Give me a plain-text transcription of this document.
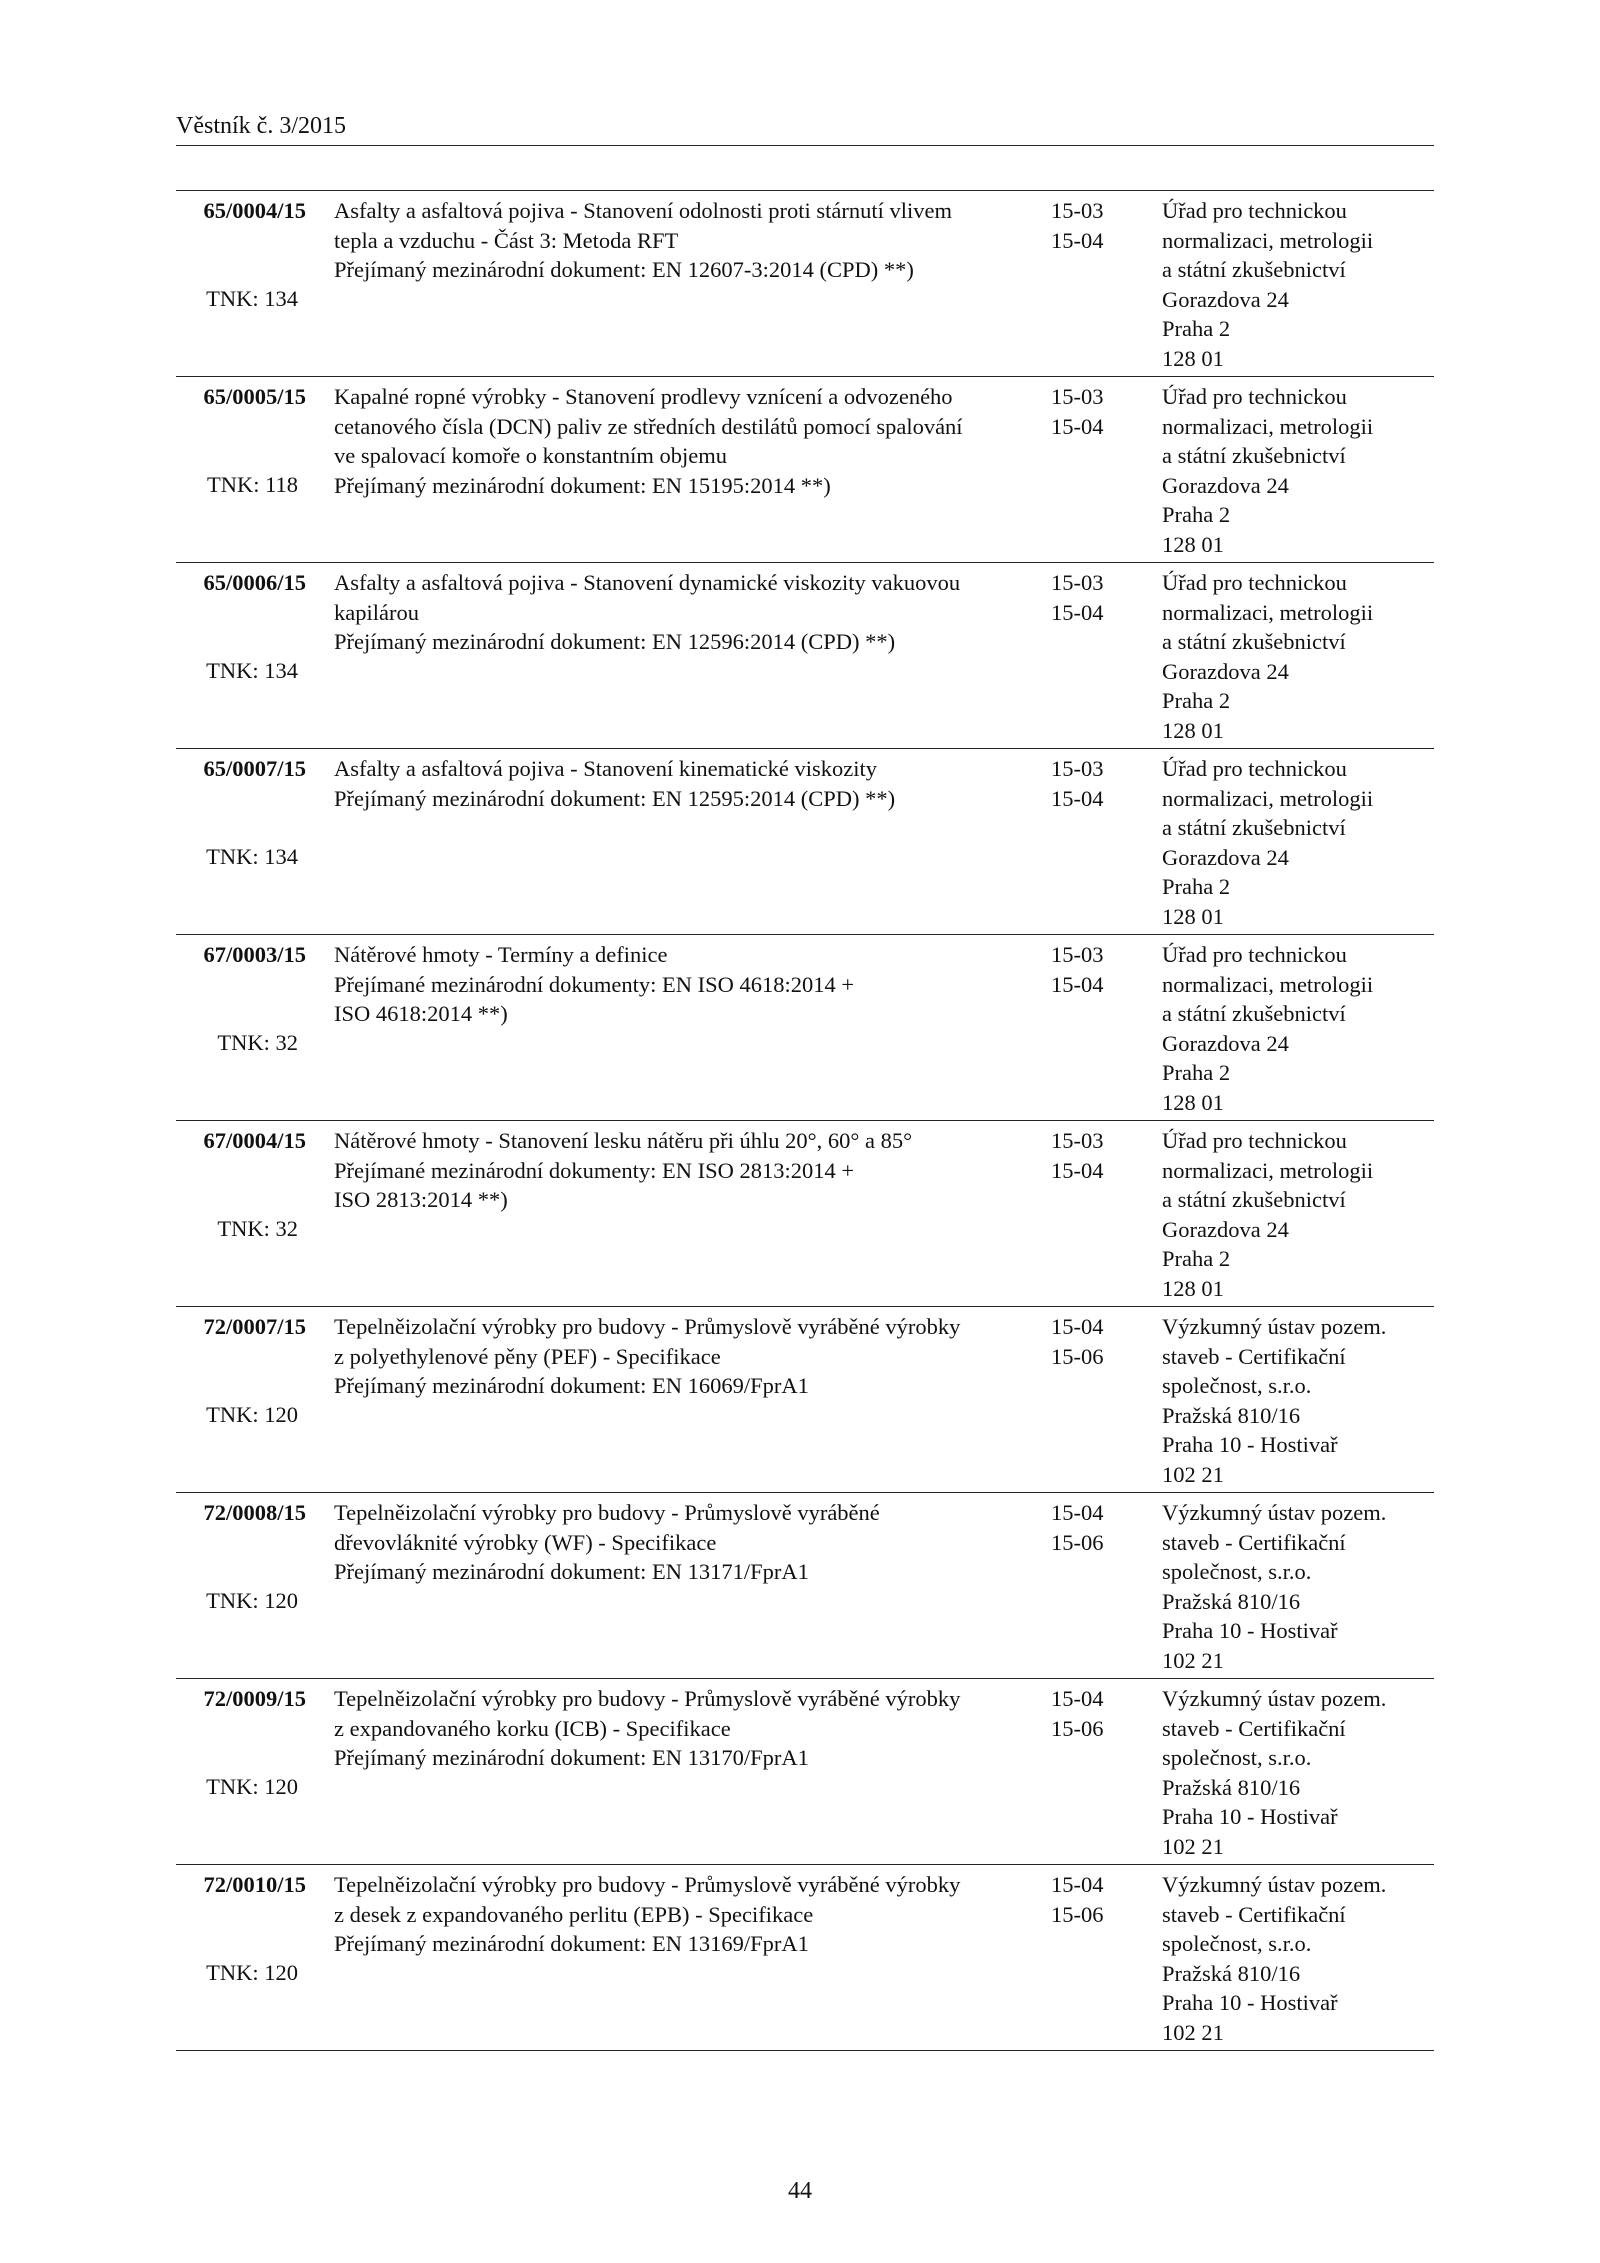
Věstník č. 3/2015
65/0004/15
TNK: 134
Asfalty a asfaltová pojiva - Stanovení odolnosti proti stárnutí vlivem
tepla a vzduchu - Část 3: Metoda RFT
Přejímaný mezinárodní dokument: EN 12607-3:2014 (CPD) **)
15-03
15-04
Úřad pro technickou
normalizaci, metrologii
a státní zkušebnictví
Gorazdova 24
Praha 2
128 01
65/0005/15
TNK: 118
Kapalné ropné výrobky - Stanovení prodlevy vznícení a odvozeného
cetanového čísla (DCN) paliv ze středních destilátů pomocí spalování
ve spalovací komoře o konstantním objemu
Přejímaný mezinárodní dokument: EN 15195:2014 **)
15-03
15-04
Úřad pro technickou
normalizaci, metrologii
a státní zkušebnictví
Gorazdova 24
Praha 2
128 01
65/0006/15
TNK: 134
Asfalty a asfaltová pojiva - Stanovení dynamické viskozity vakuovou
kapilárou
Přejímaný mezinárodní dokument: EN 12596:2014 (CPD) **)
15-03
15-04
Úřad pro technickou
normalizaci, metrologii
a státní zkušebnictví
Gorazdova 24
Praha 2
128 01
65/0007/15
TNK: 134
Asfalty a asfaltová pojiva - Stanovení kinematické viskozity
Přejímaný mezinárodní dokument: EN 12595:2014 (CPD) **)
15-03
15-04
Úřad pro technickou
normalizaci, metrologii
a státní zkušebnictví
Gorazdova 24
Praha 2
128 01
67/0003/15
TNK: 32
Nátěrové hmoty - Termíny a definice
Přejímané mezinárodní dokumenty: EN ISO 4618:2014 +
ISO 4618:2014 **)
15-03
15-04
Úřad pro technickou
normalizaci, metrologii
a státní zkušebnictví
Gorazdova 24
Praha 2
128 01
67/0004/15
TNK: 32
Nátěrové hmoty - Stanovení lesku nátěru při úhlu 20°, 60° a 85°
Přejímané mezinárodní dokumenty: EN ISO 2813:2014 +
ISO 2813:2014 **)
15-03
15-04
Úřad pro technickou
normalizaci, metrologii
a státní zkušebnictví
Gorazdova 24
Praha 2
128 01
72/0007/15
TNK: 120
Tepelněizolační výrobky pro budovy - Průmyslově vyráběné výrobky
z polyethylenové pěny (PEF) - Specifikace
Přejímaný mezinárodní dokument: EN 16069/FprA1
15-04
15-06
Výzkumný ústav pozem.
staveb - Certifikační
společnost, s.r.o.
Pražská 810/16
Praha 10 - Hostivař
102 21
72/0008/15
TNK: 120
Tepelněizolační výrobky pro budovy - Průmyslově vyráběné
dřevovláknité výrobky (WF) - Specifikace
Přejímaný mezinárodní dokument: EN 13171/FprA1
15-04
15-06
Výzkumný ústav pozem.
staveb - Certifikační
společnost, s.r.o.
Pražská 810/16
Praha 10 - Hostivař
102 21
72/0009/15
TNK: 120
Tepelněizolační výrobky pro budovy - Průmyslově vyráběné výrobky
z expandovaného korku (ICB) - Specifikace
Přejímaný mezinárodní dokument: EN 13170/FprA1
15-04
15-06
Výzkumný ústav pozem.
staveb - Certifikační
společnost, s.r.o.
Pražská 810/16
Praha 10 - Hostivař
102 21
72/0010/15
TNK: 120
Tepelněizolační výrobky pro budovy - Průmyslově vyráběné výrobky
z desek z expandovaného perlitu (EPB) - Specifikace
Přejímaný mezinárodní dokument: EN 13169/FprA1
15-04
15-06
Výzkumný ústav pozem.
staveb - Certifikační
společnost, s.r.o.
Pražská 810/16
Praha 10 - Hostivař
102 21
44
